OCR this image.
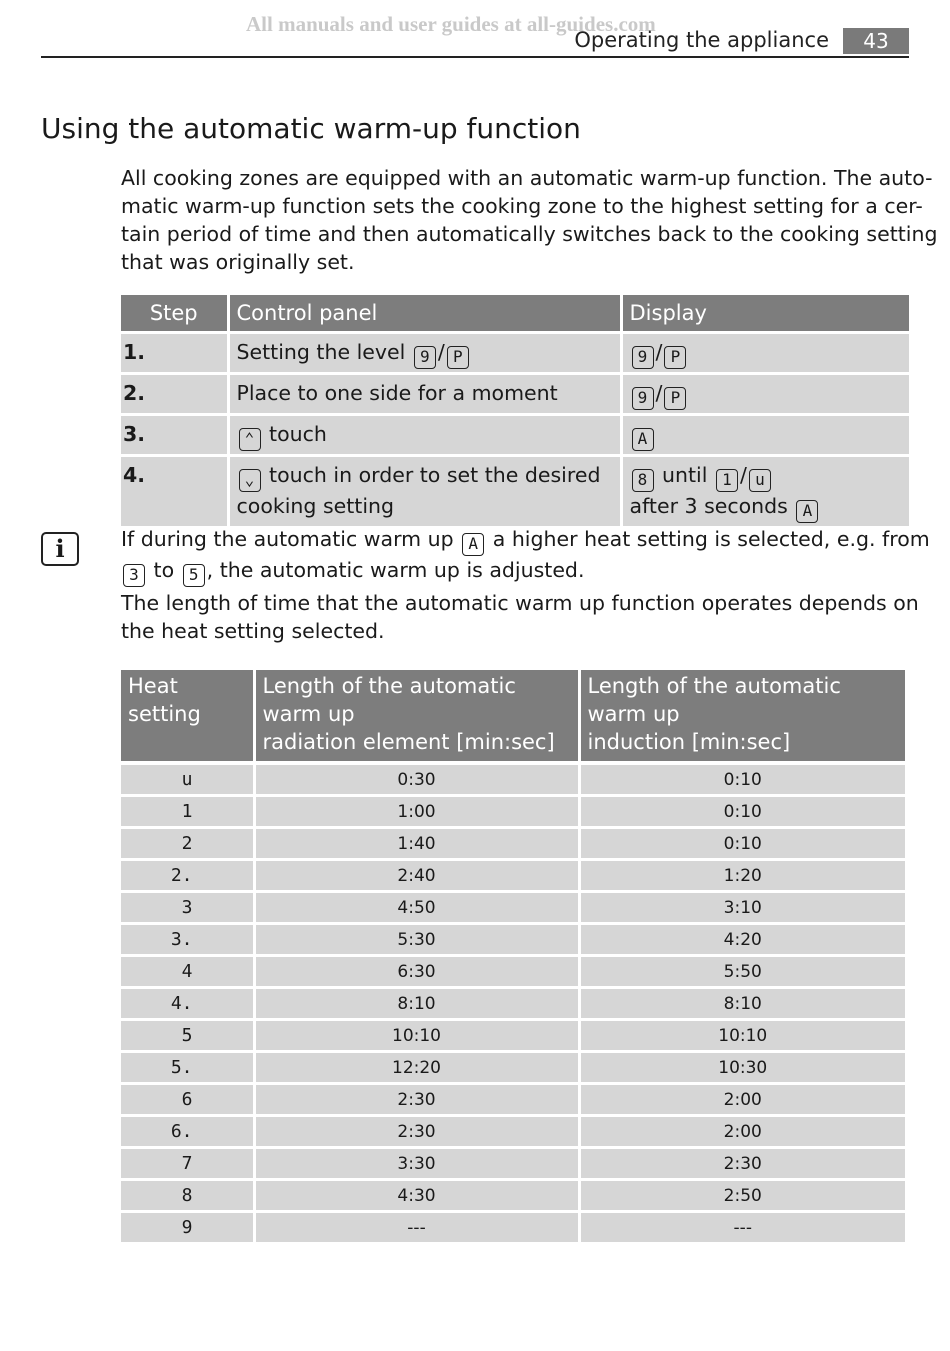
All manuals and user guides at all-guides.com
Operating the appliance	43
Using the automatic warm-up function

All cooking zones are equipped with an automatic warm-up function. The auto-
matic warm-up function sets the cooking zone to the highest setting for a cer-
tain period of time and then automatically switches back to the cooking setting
that was originally set.

Step	Control panel	Display
1.	Setting the level 9 / P	9 / P
2.	Place to one side for a moment	9 / P
3.	⌃ touch	A
4.	⌄ touch in order to set the desired
cooking setting	8 until 1 / u
after 3 seconds A
i	If during the automatic warm up A a higher heat setting is selected, e.g. from
3 to 5 , the automatic warm up is adjusted.

The length of time that the automatic warm up function operates depends on
the heat setting selected.

Heat
setting	Length of the automatic
warm up
radiation element [min:sec]	Length of the automatic
warm up
induction [min:sec]
u	0:30	0:10
1	1:00	0:10
2	1:40	0:10
2.	2:40	1:20
3	4:50	3:10
3.	5:30	4:20
4	6:30	5:50
4.	8:10	8:10
5	10:10	10:10
5.	12:20	10:30
6	2:30	2:00
6.	2:30	2:00
7	3:30	2:30
8	4:30	2:50
9	---	---
